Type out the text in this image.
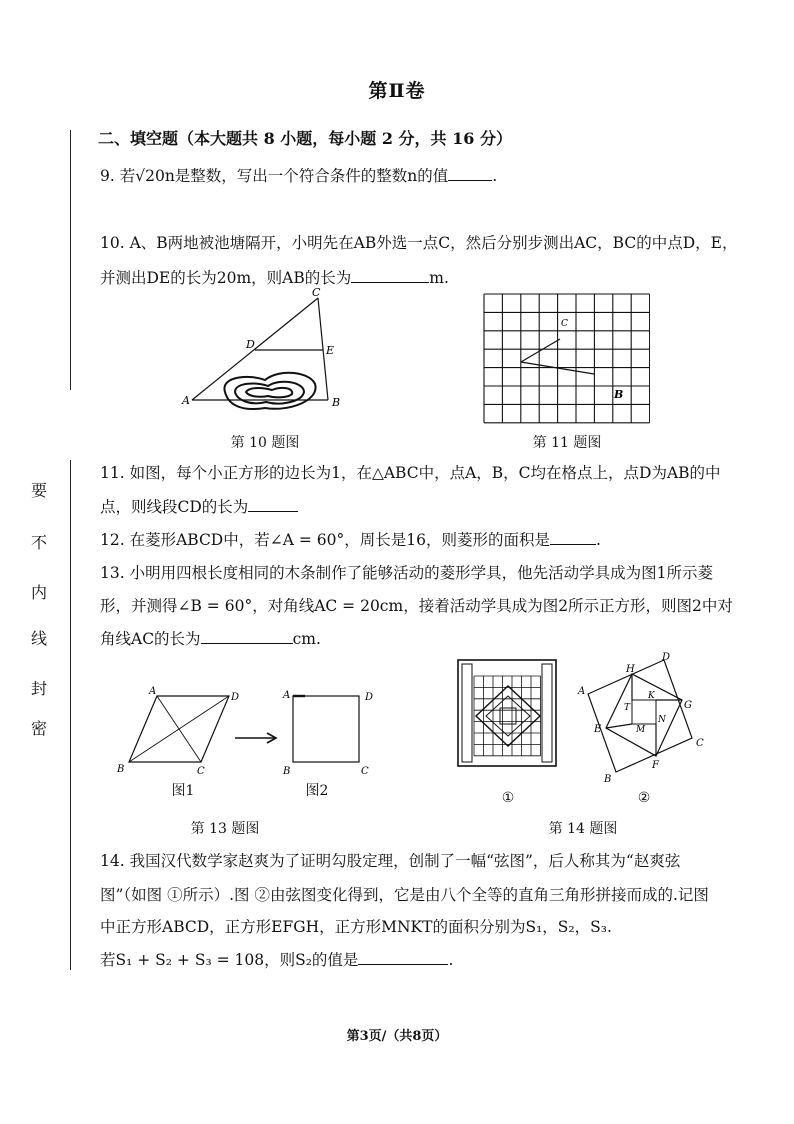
第Ⅱ卷
二、填空题（本大题共 8 小题，每小题 2 分，共 16 分）
要
不
内
线
封
密
9. 若√20n是整数，写出一个符合条件的整数n的值	.
10. A、B两地被池塘隔开，小明先在AB外选一点C，然后分别步测出AC，BC的中点D，E，
并测出DE的长为20m，则AB的长为	m.
A	B
C
D	E
第 10 题图
C
B
第 11 题图
11. 如图，每个小正方形的边长为1，在△ABC中，点A，B，C均在格点上，点D为AB的中
点，则线段CD的长为
12. 在菱形ABCD中，若∠A = 60°，周长是16，则菱形的面积是	.
13. 小明用四根长度相同的木条制作了能够活动的菱形学具，他先活动学具成为图1所示菱
形，并测得∠B = 60°，对角线AC = 20cm，接着活动学具成为图2所示正方形，则图2中对
角线AC的长为	cm.
A
D
B	C
A	D
B	C
图1	图2
第 13 题图
①
A
B
C
D
E
F
G
H
M
T
K
N
②
第 14 题图
14. 我国汉代数学家赵爽为了证明勾股定理，创制了一幅“弦图”，后人称其为“赵爽弦
图”（如图 ①所示）.图 ②由弦图变化得到，它是由八个全等的直角三角形拼接而成的.记图
中正方形ABCD，正方形EFGH，正方形MNKT的面积分别为S₁，S₂，S₃.
若S₁ + S₂ + S₃ = 108，则S₂的值是	.
第3页/（共8页）
